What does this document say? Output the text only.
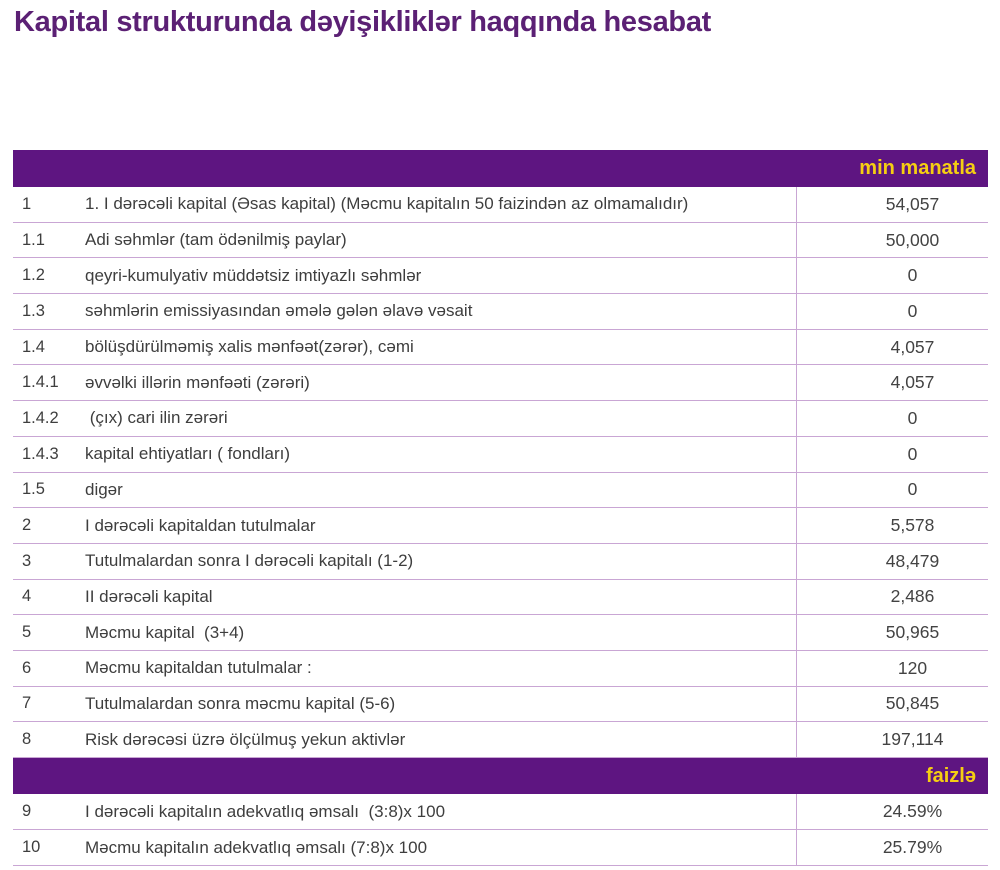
Kapital strukturunda dəyişikliklər haqqında hesabat
min manatla
1	1. I dərəcəli kapital (Əsas kapital) (Məcmu kapitalın 50 faizindən az olmamalıdır)	54,057
1.1	Adi səhmlər (tam ödənilmiş paylar)	50,000
1.2	qeyri-kumulyativ müddətsiz imtiyazlı səhmlər	0
1.3	səhmlərin emissiyasından əmələ gələn əlavə vəsait	0
1.4	bölüşdürülməmiş xalis mənfəət(zərər), cəmi	4,057
1.4.1	əvvəlki illərin mənfəəti (zərəri)	4,057
1.4.2	(çıx) cari ilin zərəri	0
1.4.3	kapital ehtiyatları ( fondları)	0
1.5	digər	0
2	I dərəcəli kapitaldan tutulmalar	5,578
3	Tutulmalardan sonra I dərəcəli kapitalı (1-2)	48,479
4	II dərəcəli kapital	2,486
5	Məcmu kapital  (3+4)	50,965
6	Məcmu kapitaldan tutulmalar :	120
7	Tutulmalardan sonra məcmu kapital (5-6)	50,845
8	Risk dərəcəsi üzrə ölçülmuş yekun aktivlər	197,114
faizlə
9	I dərəcəli kapitalın adekvatlıq əmsalı  (3:8)x 100	24.59%
10	Məcmu kapitalın adekvatlıq əmsalı (7:8)x 100	25.79%
